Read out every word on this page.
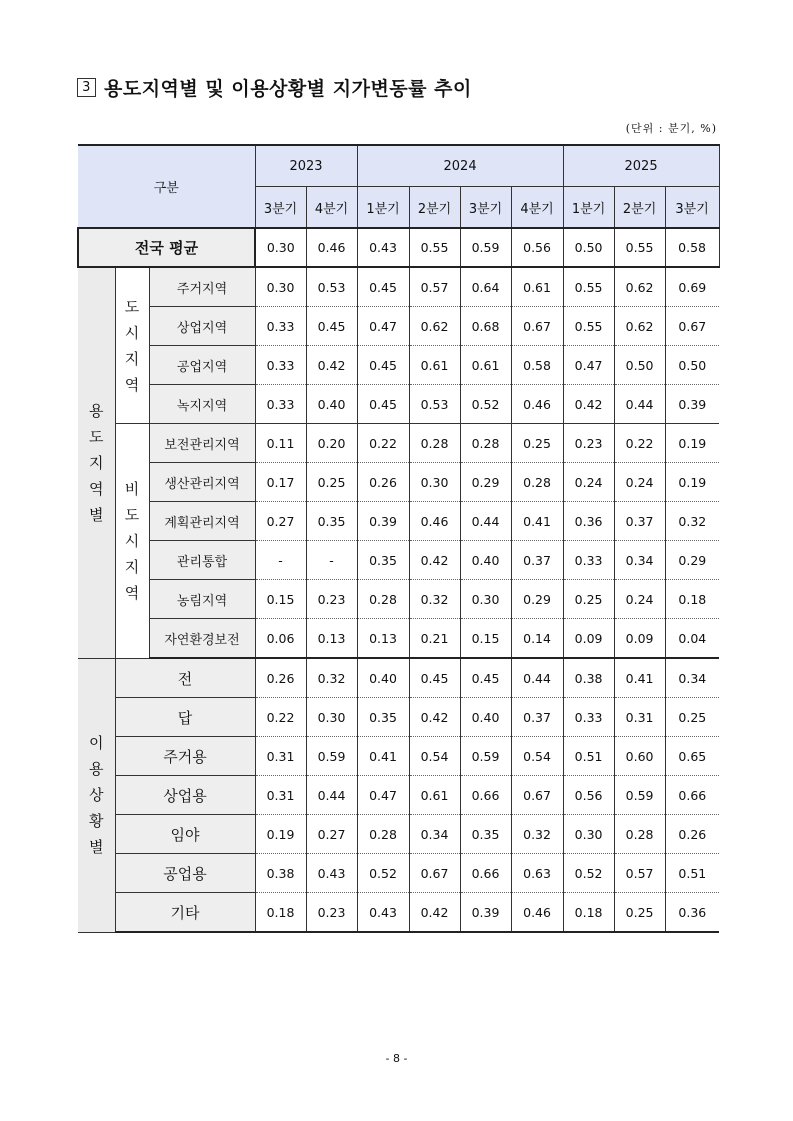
3 용도지역별 및 이용상황별 지가변동률 추이
(단위 : 분기, %)
구분			2023		2024				2025		
			3분기	4분기	1분기	2분기	3분기	4분기	1분기	2분기	3분기
전국 평균			0.30	0.46	0.43	0.55	0.59	0.56	0.50	0.55	0.58
용
도
지
역
별	도
시
지
역	주거지역	0.30	0.53	0.45	0.57	0.64	0.61	0.55	0.62	0.69
		상업지역	0.33	0.45	0.47	0.62	0.68	0.67	0.55	0.62	0.67
		공업지역	0.33	0.42	0.45	0.61	0.61	0.58	0.47	0.50	0.50
		녹지지역	0.33	0.40	0.45	0.53	0.52	0.46	0.42	0.44	0.39
	비
도
시
지
역	보전관리지역	0.11	0.20	0.22	0.28	0.28	0.25	0.23	0.22	0.19
		생산관리지역	0.17	0.25	0.26	0.30	0.29	0.28	0.24	0.24	0.19
		계획관리지역	0.27	0.35	0.39	0.46	0.44	0.41	0.36	0.37	0.32
		관리통합	-	-	0.35	0.42	0.40	0.37	0.33	0.34	0.29
		농림지역	0.15	0.23	0.28	0.32	0.30	0.29	0.25	0.24	0.18
		자연환경보전	0.06	0.13	0.13	0.21	0.15	0.14	0.09	0.09	0.04
이
용
상
황
별	전		0.26	0.32	0.40	0.45	0.45	0.44	0.38	0.41	0.34
	답		0.22	0.30	0.35	0.42	0.40	0.37	0.33	0.31	0.25
	주거용		0.31	0.59	0.41	0.54	0.59	0.54	0.51	0.60	0.65
	상업용		0.31	0.44	0.47	0.61	0.66	0.67	0.56	0.59	0.66
	임야		0.19	0.27	0.28	0.34	0.35	0.32	0.30	0.28	0.26
	공업용		0.38	0.43	0.52	0.67	0.66	0.63	0.52	0.57	0.51
	기타		0.18	0.23	0.43	0.42	0.39	0.46	0.18	0.25	0.36
- 8 -
